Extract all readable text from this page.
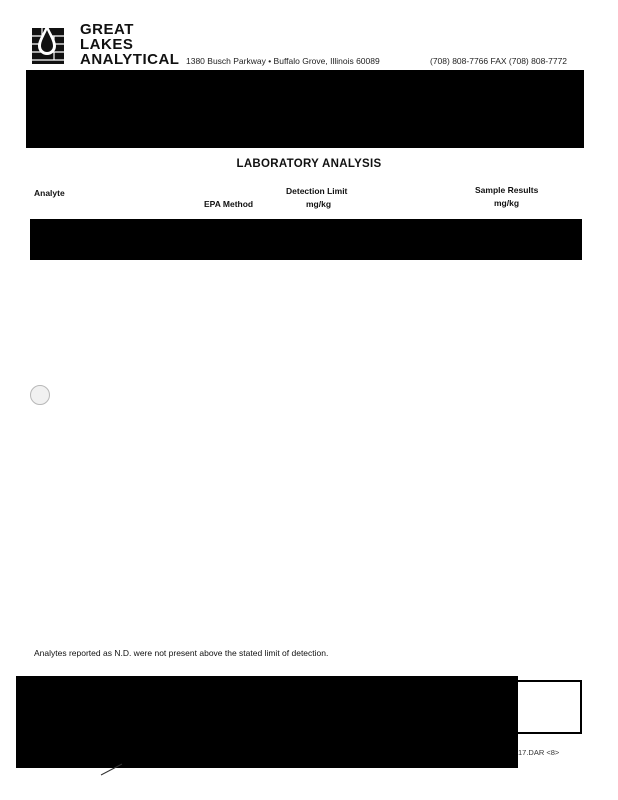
GREAT
LAKES
ANALYTICAL 1380 Busch Parkway • Buffalo Grove, Illinois 60089	(708) 808-7766 FAX (708) 808-7772
LABORATORY ANALYSIS
Analyte
EPA Method
Detection Limit
mg/kg
Sample Results
mg/kg
Analytes reported as N.D. were not present above the stated limit of detection.
17.DAR <8>
